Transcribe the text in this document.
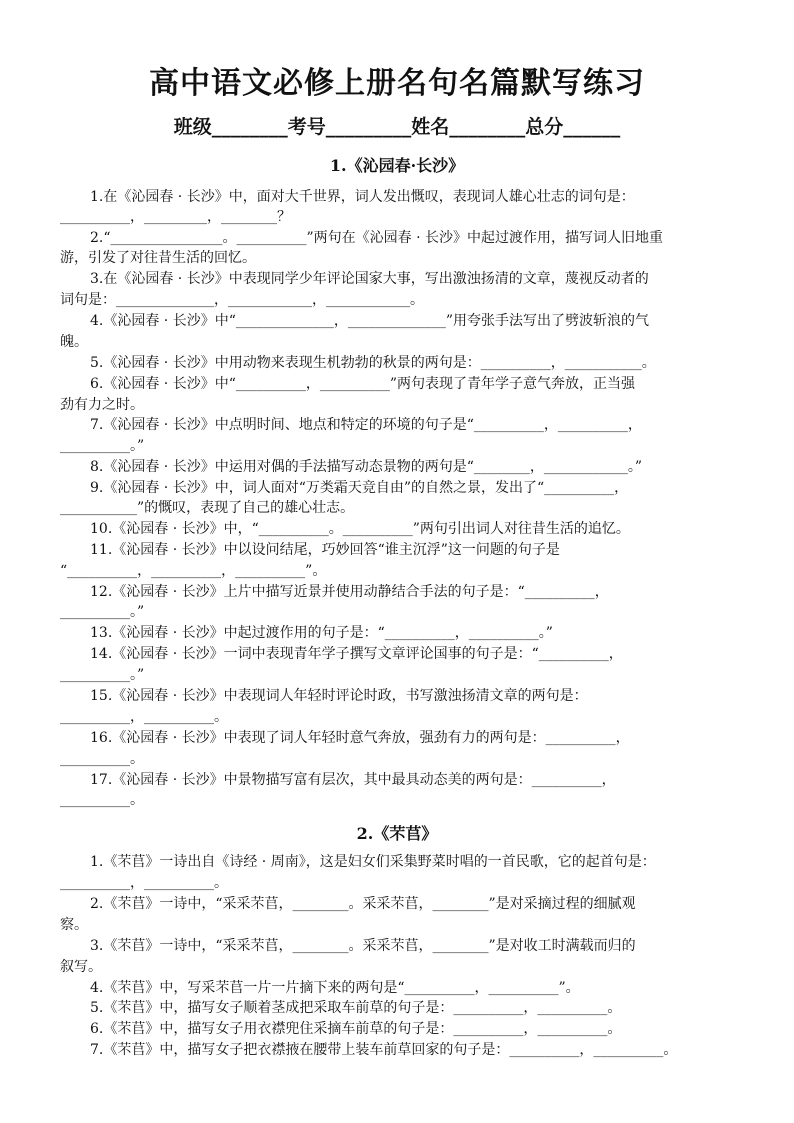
高中语文必修上册名句名篇默写练习
班级________考号_________姓名________总分______
1.《沁园春·长沙》
1.在《沁园春 · 长沙》中，面对大千世界，词人发出慨叹，表现词人雄心壮志的词句是：
__________，_________，________？
2.“________________。__________”两句在《沁园春 · 长沙》中起过渡作用，描写词人旧地重
游，引发了对往昔生活的回忆。
3.在《沁园春 · 长沙》中表现同学少年评论国家大事，写出激浊扬清的文章，蔑视反动者的
词句是：______________，____________，____________。
4.《沁园春 · 长沙》中“______________，______________”用夸张手法写出了劈波斩浪的气
魄。
5.《沁园春 · 长沙》中用动物来表现生机勃勃的秋景的两句是：__________，___________。
6.《沁园春 · 长沙》中“__________，__________”两句表现了青年学子意气奔放，正当强
劲有力之时。
7.《沁园春 · 长沙》中点明时间、地点和特定的环境的句子是“__________，__________，
__________。”
8.《沁园春 · 长沙》中运用对偶的手法描写动态景物的两句是“________，____________。”
9.《沁园春 · 长沙》中，词人面对“万类霜天竞自由”的自然之景，发出了“__________，
___________”的慨叹，表现了自己的雄心壮志。
10.《沁园春 · 长沙》中，“__________。__________”两句引出词人对往昔生活的追忆。
11.《沁园春 · 长沙》中以设问结尾，巧妙回答“谁主沉浮”这一问题的句子是
“__________，__________，__________”。
12.《沁园春 · 长沙》上片中描写近景并使用动静结合手法的句子是：“__________，
__________。”
13.《沁园春 · 长沙》中起过渡作用的句子是：“__________，__________。”
14.《沁园春 · 长沙》一词中表现青年学子撰写文章评论国事的句子是：“__________，
__________。”
15.《沁园春 · 长沙》中表现词人年轻时评论时政，书写激浊扬清文章的两句是：
__________，__________。
16.《沁园春 · 长沙》中表现了词人年轻时意气奔放，强劲有力的两句是：__________，
__________。
17.《沁园春 · 长沙》中景物描写富有层次，其中最具动态美的两句是：__________，
__________。
2.《芣苢》
1.《芣苢》一诗出自《诗经 · 周南》，这是妇女们采集野菜时唱的一首民歌，它的起首句是：
__________，__________。
2.《芣苢》一诗中，“采采芣苢，________。采采芣苢，________”是对采摘过程的细腻观
察。
3.《芣苢》一诗中，“采采芣苢，________。采采芣苢，________”是对收工时满载而归的
叙写。
4.《芣苢》中，写采芣苢一片一片摘下来的两句是“__________，__________”。
5.《芣苢》中，描写女子顺着茎成把采取车前草的句子是：__________，__________。
6.《芣苢》中，描写女子用衣襟兜住采摘车前草的句子是：__________，__________。
7.《芣苢》中，描写女子把衣襟掖在腰带上装车前草回家的句子是：__________，__________。
